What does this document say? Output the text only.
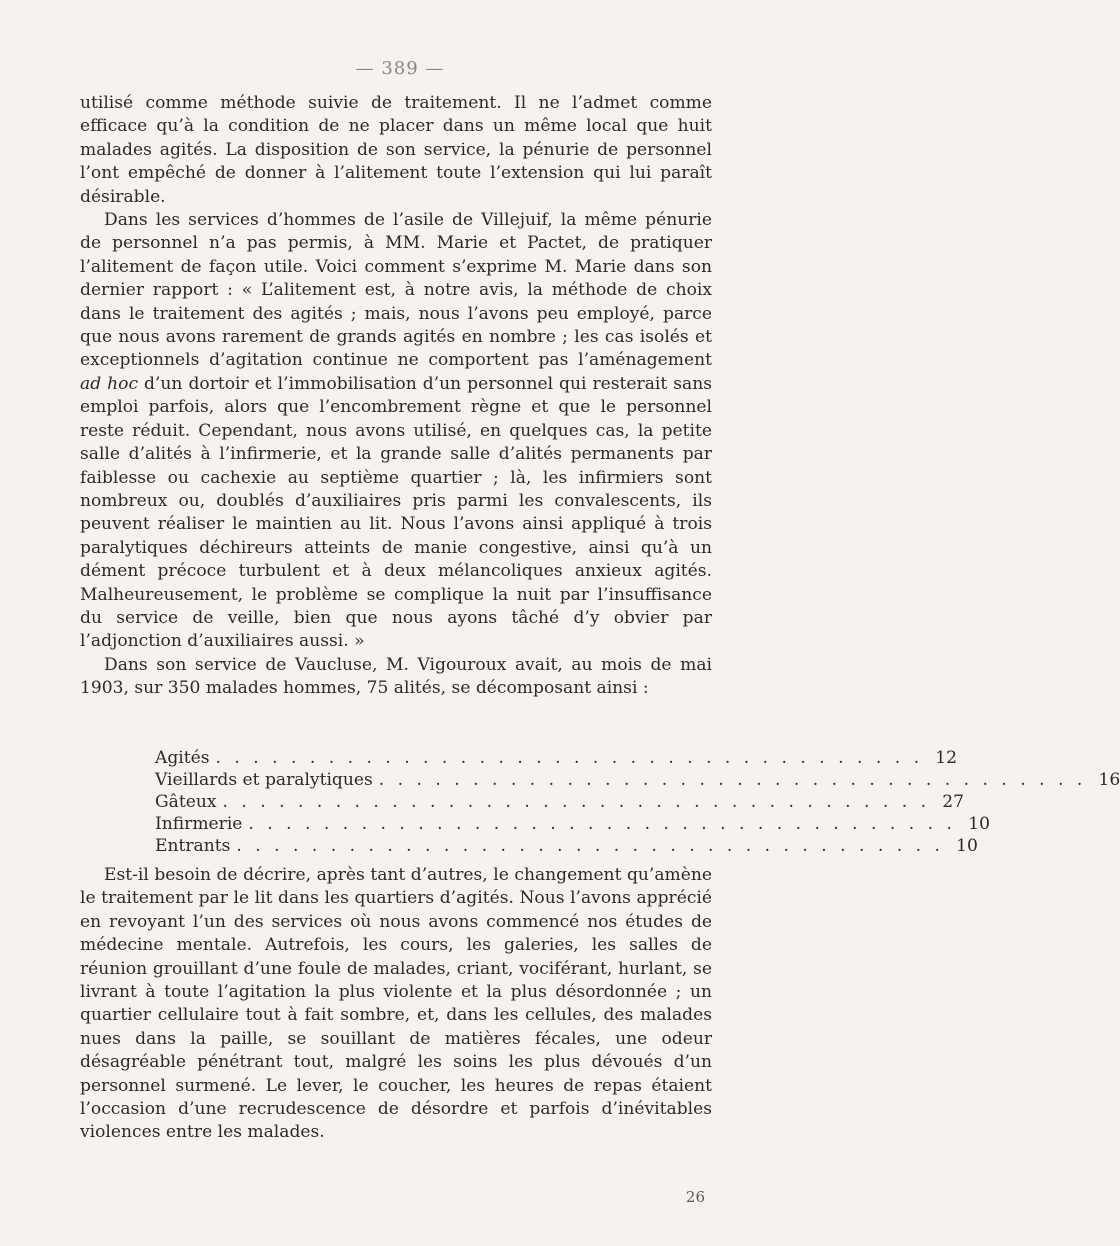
— 389 —

utilisé comme méthode suivie de traitement. Il ne l’admet comme efficace qu’à la condition de ne placer dans un même local que huit malades agités. La disposition de son service, la pénurie de personnel l’ont empêché de donner à l’alitement toute l’extension qui lui paraît désirable.

Dans les services d’hommes de l’asile de Villejuif, la même pénurie de personnel n’a pas permis, à MM. Marie et Pactet, de pratiquer l’alitement de façon utile. Voici comment s’exprime M. Marie dans son dernier rapport : « L’alitement est, à notre avis, la méthode de choix dans le traitement des agités ; mais, nous l’avons peu employé, parce que nous avons rarement de grands agités en nombre ; les cas isolés et exceptionnels d’agitation continue ne comportent pas l’aménagement ad hoc d’un dortoir et l’immobilisation d’un personnel qui resterait sans emploi parfois, alors que l’encombrement règne et que le personnel reste réduit. Cependant, nous avons utilisé, en quelques cas, la petite salle d’alités à l’infirmerie, et la grande salle d’alités permanents par faiblesse ou cachexie au septième quartier ; là, les infirmiers sont nombreux ou, doublés d’auxiliaires pris parmi les convalescents, ils peuvent réaliser le maintien au lit. Nous l’avons ainsi appliqué à trois paralytiques déchireurs atteints de manie congestive, ainsi qu’à un dément précoce turbulent et à deux mélancoliques anxieux agités. Malheureusement, le problème se complique la nuit par l’insuffisance du service de veille, bien que nous ayons tâché d’y obvier par l’adjonction d’auxiliaires aussi. »

Dans son service de Vaucluse, M. Vigouroux avait, au mois de mai 1903, sur 350 malades hommes, 75 alités, se décomposant ainsi :

Agités . . . . . . . . . . . . . . . . . . . . . . . . . . . . . . . . . . . . . . 12
Vieillards et paralytiques . . . . . . . . . . . . . . . . . . . . . . . . . . . . . . . . . . . . . . 16
Gâteux . . . . . . . . . . . . . . . . . . . . . . . . . . . . . . . . . . . . . . 27
Infirmerie . . . . . . . . . . . . . . . . . . . . . . . . . . . . . . . . . . . . . . 10
Entrants . . . . . . . . . . . . . . . . . . . . . . . . . . . . . . . . . . . . . . 10

Est-il besoin de décrire, après tant d’autres, le changement qu’amène le traitement par le lit dans les quartiers d’agités. Nous l’avons apprécié en revoyant l’un des services où nous avons commencé nos études de médecine mentale. Autrefois, les cours, les galeries, les salles de réunion grouillant d’une foule de malades, criant, vociférant, hurlant, se livrant à toute l’agitation la plus violente et la plus désordonnée ; un quartier cellulaire tout à fait sombre, et, dans les cellules, des malades nues dans la paille, se souillant de matières fécales, une odeur désagréable pénétrant tout, malgré les soins les plus dévoués d’un personnel surmené. Le lever, le coucher, les heures de repas étaient l’occasion d’une recrudescence de désordre et parfois d’inévitables violences entre les malades.

26
